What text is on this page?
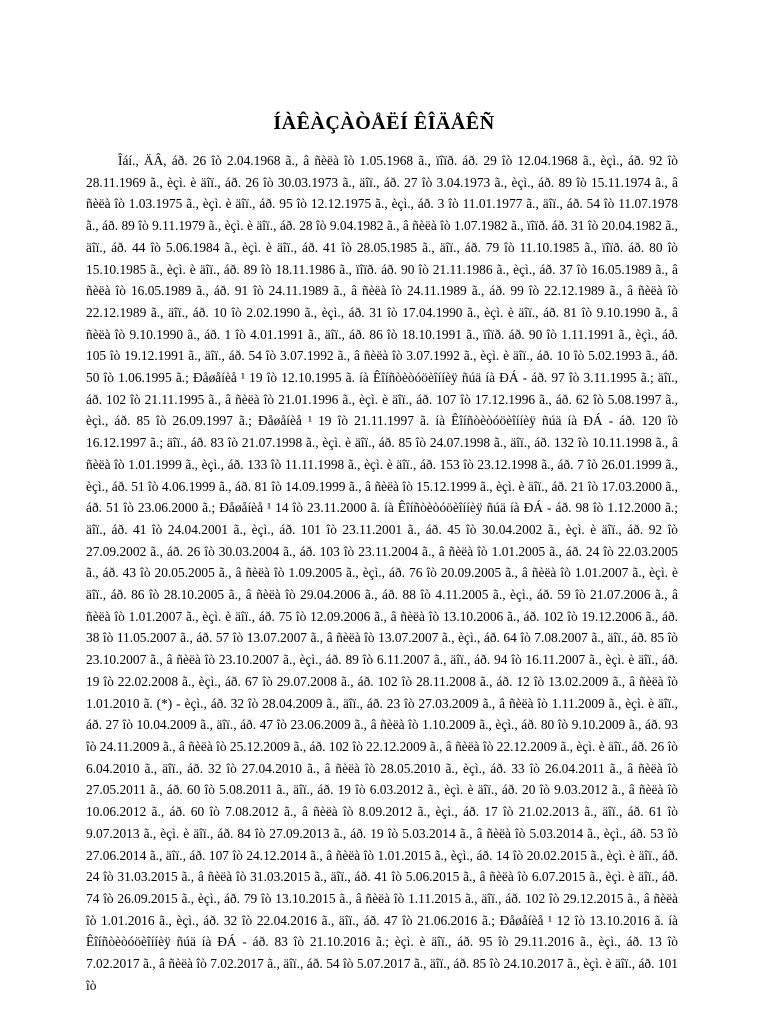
ÍÀÊÀÇÀÒÅËÍ ÊÎÄÅÊÑ

Îáí., ÄÂ, áð. 26 îò 2.04.1968 ã., â ñèëà îò 1.05.1968 ã., ïîïð. áð. 29 îò 12.04.1968 ã., èçì., áð. 92 îò 28.11.1969 ã., èçì. è äîï., áð. 26 îò 30.03.1973 ã., äîï., áð. 27 îò 3.04.1973 ã., èçì., áð. 89 îò 15.11.1974 ã., â ñèëà îò 1.03.1975 ã., èçì. è äîï., áð. 95 îò 12.12.1975 ã., èçì., áð. 3 îò 11.01.1977 ã., äîï., áð. 54 îò 11.07.1978 ã., áð. 89 îò 9.11.1979 ã., èçì. è äîï., áð. 28 îò 9.04.1982 ã., â ñèëà îò 1.07.1982 ã., ïîïð. áð. 31 îò 20.04.1982 ã., äîï., áð. 44 îò 5.06.1984 ã., èçì. è äîï., áð. 41 îò 28.05.1985 ã., äîï., áð. 79 îò 11.10.1985 ã., ïîïð. áð. 80 îò 15.10.1985 ã., èçì. è äîï., áð. 89 îò 18.11.1986 ã., ïîïð. áð. 90 îò 21.11.1986 ã., èçì., áð. 37 îò 16.05.1989 ã., â ñèëà îò 16.05.1989 ã., áð. 91 îò 24.11.1989 ã., â ñèëà îò 24.11.1989 ã., áð. 99 îò 22.12.1989 ã., â ñèëà îò 22.12.1989 ã., äîï., áð. 10 îò 2.02.1990 ã., èçì., áð. 31 îò 17.04.1990 ã., èçì. è äîï., áð. 81 îò 9.10.1990 ã., â ñèëà îò 9.10.1990 ã., áð. 1 îò 4.01.1991 ã., äîï., áð. 86 îò 18.10.1991 ã., ïîïð. áð. 90 îò 1.11.1991 ã., èçì., áð. 105 îò 19.12.1991 ã., äîï., áð. 54 îò 3.07.1992 ã., â ñèëà îò 3.07.1992 ã., èçì. è äîï., áð. 10 îò 5.02.1993 ã., áð. 50 îò 1.06.1995 ã.; Ðåøåíèå ¹ 19 îò 12.10.1995 ã. íà Êîíñòèòóöèîííèÿ ñúä íà ÐÁ - áð. 97 îò 3.11.1995 ã.; äîï., áð. 102 îò 21.11.1995 ã., â ñèëà îò 21.01.1996 ã., èçì. è äîï., áð. 107 îò 17.12.1996 ã., áð. 62 îò 5.08.1997 ã., èçì., áð. 85 îò 26.09.1997 ã.; Ðåøåíèå ¹ 19 îò 21.11.1997 ã. íà Êîíñòèòóöèîííèÿ ñúä íà ÐÁ - áð. 120 îò 16.12.1997 ã.; äîï., áð. 83 îò 21.07.1998 ã., èçì. è äîï., áð. 85 îò 24.07.1998 ã., äîï., áð. 132 îò 10.11.1998 ã., â ñèëà îò 1.01.1999 ã., èçì., áð. 133 îò 11.11.1998 ã., èçì. è äîï., áð. 153 îò 23.12.1998 ã., áð. 7 îò 26.01.1999 ã., èçì., áð. 51 îò 4.06.1999 ã., áð. 81 îò 14.09.1999 ã., â ñèëà îò 15.12.1999 ã., èçì. è äîï., áð. 21 îò 17.03.2000 ã., áð. 51 îò 23.06.2000 ã.; Ðåøåíèå ¹ 14 îò 23.11.2000 ã. íà Êîíñòèòóöèîííèÿ ñúä íà ÐÁ - áð. 98 îò 1.12.2000 ã.; äîï., áð. 41 îò 24.04.2001 ã., èçì., áð. 101 îò 23.11.2001 ã., áð. 45 îò 30.04.2002 ã., èçì. è äîï., áð. 92 îò 27.09.2002 ã., áð. 26 îò 30.03.2004 ã., áð. 103 îò 23.11.2004 ã., â ñèëà îò 1.01.2005 ã., áð. 24 îò 22.03.2005 ã., áð. 43 îò 20.05.2005 ã., â ñèëà îò 1.09.2005 ã., èçì., áð. 76 îò 20.09.2005 ã., â ñèëà îò 1.01.2007 ã., èçì. è äîï., áð. 86 îò 28.10.2005 ã., â ñèëà îò 29.04.2006 ã., áð. 88 îò 4.11.2005 ã., èçì., áð. 59 îò 21.07.2006 ã., â ñèëà îò 1.01.2007 ã., èçì. è äîï., áð. 75 îò 12.09.2006 ã., â ñèëà îò 13.10.2006 ã., áð. 102 îò 19.12.2006 ã., áð. 38 îò 11.05.2007 ã., áð. 57 îò 13.07.2007 ã., â ñèëà îò 13.07.2007 ã., èçì., áð. 64 îò 7.08.2007 ã., äîï., áð. 85 îò 23.10.2007 ã., â ñèëà îò 23.10.2007 ã., èçì., áð. 89 îò 6.11.2007 ã., äîï., áð. 94 îò 16.11.2007 ã., èçì. è äîï., áð. 19 îò 22.02.2008 ã., èçì., áð. 67 îò 29.07.2008 ã., áð. 102 îò 28.11.2008 ã., áð. 12 îò 13.02.2009 ã., â ñèëà îò 1.01.2010 ã. (*) - èçì., áð. 32 îò 28.04.2009 ã., äîï., áð. 23 îò 27.03.2009 ã., â ñèëà îò 1.11.2009 ã., èçì. è äîï., áð. 27 îò 10.04.2009 ã., äîï., áð. 47 îò 23.06.2009 ã., â ñèëà îò 1.10.2009 ã., èçì., áð. 80 îò 9.10.2009 ã., áð. 93 îò 24.11.2009 ã., â ñèëà îò 25.12.2009 ã., áð. 102 îò 22.12.2009 ã., â ñèëà îò 22.12.2009 ã., èçì. è äîï., áð. 26 îò 6.04.2010 ã., äîï., áð. 32 îò 27.04.2010 ã., â ñèëà îò 28.05.2010 ã., èçì., áð. 33 îò 26.04.2011 ã., â ñèëà îò 27.05.2011 ã., áð. 60 îò 5.08.2011 ã., äîï., áð. 19 îò 6.03.2012 ã., èçì. è äîï., áð. 20 îò 9.03.2012 ã., â ñèëà îò 10.06.2012 ã., áð. 60 îò 7.08.2012 ã., â ñèëà îò 8.09.2012 ã., èçì., áð. 17 îò 21.02.2013 ã., äîï., áð. 61 îò 9.07.2013 ã., èçì. è äîï., áð. 84 îò 27.09.2013 ã., áð. 19 îò 5.03.2014 ã., â ñèëà îò 5.03.2014 ã., èçì., áð. 53 îò 27.06.2014 ã., äîï., áð. 107 îò 24.12.2014 ã., â ñèëà îò 1.01.2015 ã., èçì., áð. 14 îò 20.02.2015 ã., èçì. è äîï., áð. 24 îò 31.03.2015 ã., â ñèëà îò 31.03.2015 ã., äîï., áð. 41 îò 5.06.2015 ã., â ñèëà îò 6.07.2015 ã., èçì. è äîï., áð. 74 îò 26.09.2015 ã., èçì., áð. 79 îò 13.10.2015 ã., â ñèëà îò 1.11.2015 ã., äîï., áð. 102 îò 29.12.2015 ã., â ñèëà îò 1.01.2016 ã., èçì., áð. 32 îò 22.04.2016 ã., äîï., áð. 47 îò 21.06.2016 ã.; Ðåøåíèå ¹ 12 îò 13.10.2016 ã. íà Êîíñòèòóöèîííèÿ ñúä íà ÐÁ - áð. 83 îò 21.10.2016 ã.; èçì. è äîï., áð. 95 îò 29.11.2016 ã., èçì., áð. 13 îò 7.02.2017 ã., â ñèëà îò 7.02.2017 ã., äîï., áð. 54 îò 5.07.2017 ã., äîï., áð. 85 îò 24.10.2017 ã., èçì. è äîï., áð. 101 îò
